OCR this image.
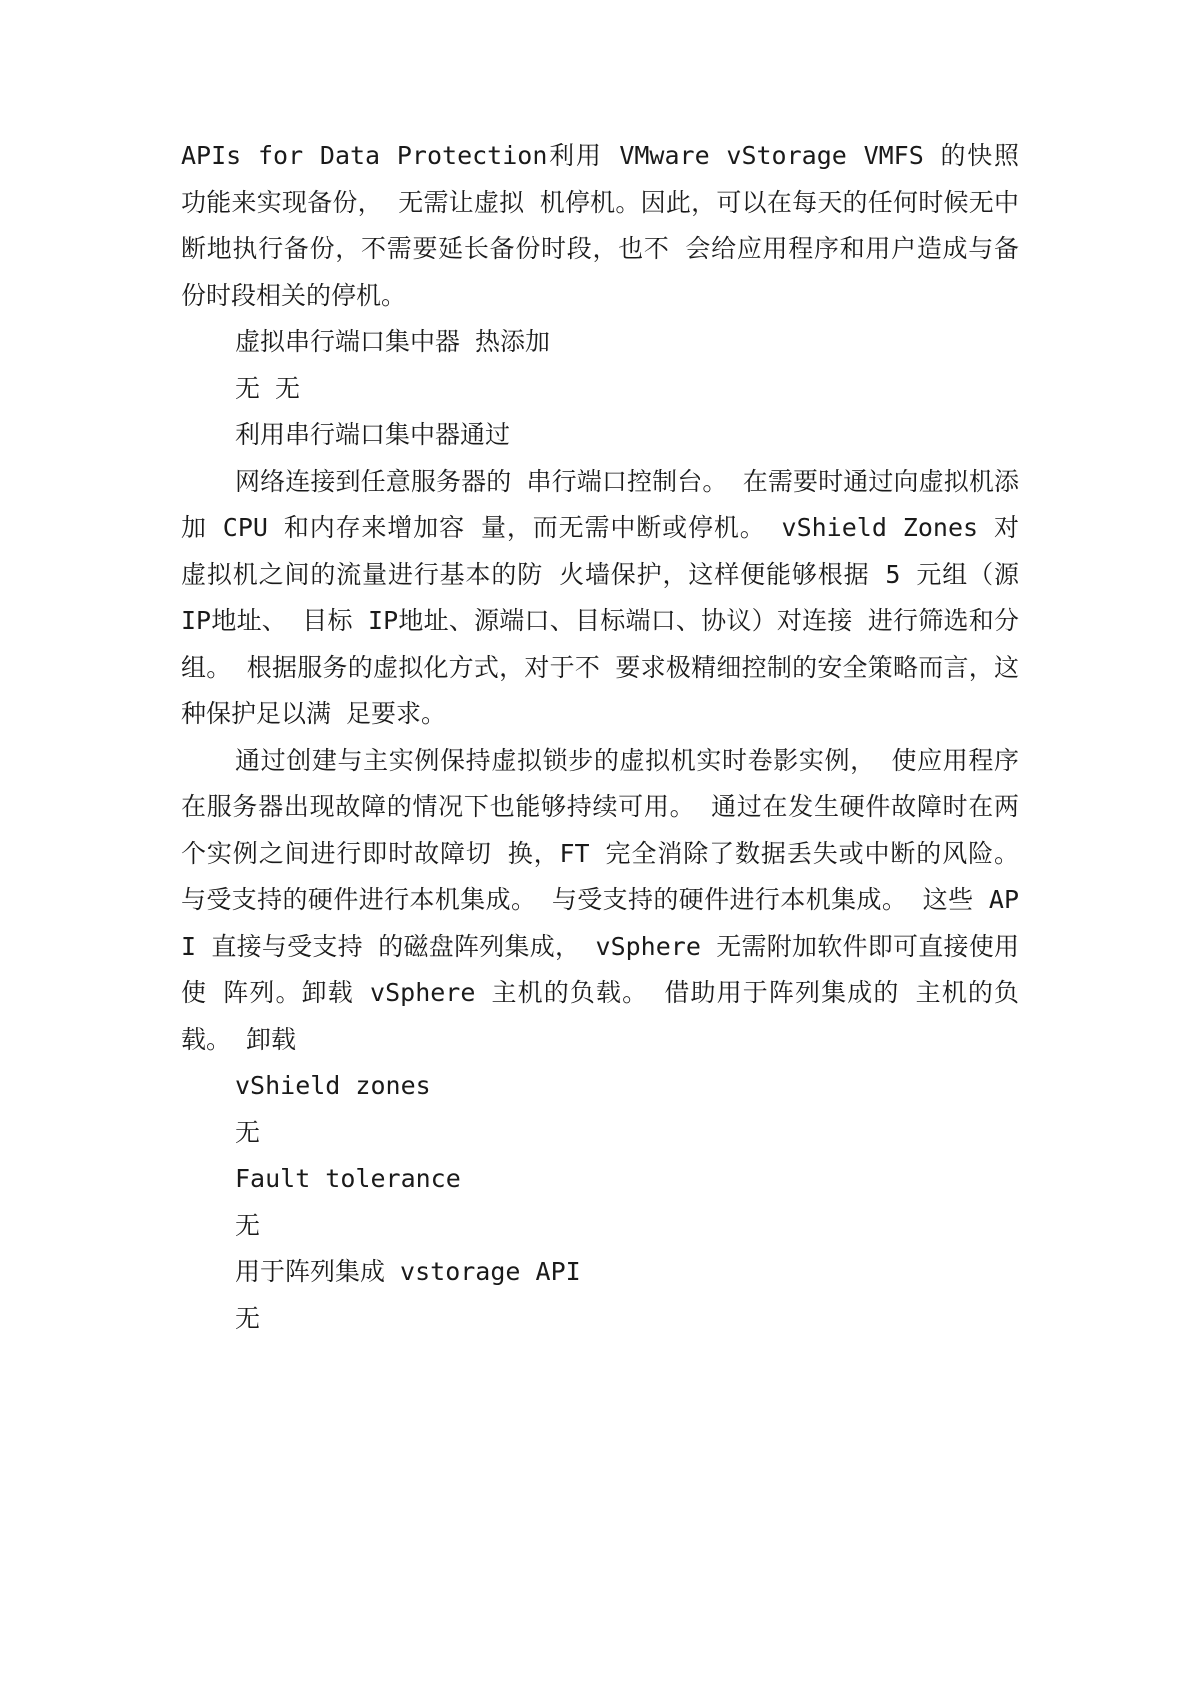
APIs for Data Protection利用 VMware vStorage VMFS 的快照功能来实现备份， 无需让虚拟 机停机。因此，可以在每天的任何时候无中断地执行备份，不需要延长备份时段，也不 会给应用程序和用户造成与备份时段相关的停机。

虚拟串行端口集中器 热添加

无 无

利用串行端口集中器通过

网络连接到任意服务器的 串行端口控制台。 在需要时通过向虚拟机添加 CPU 和内存来增加容 量，而无需中断或停机。 vShield Zones 对虚拟机之间的流量进行基本的防 火墙保护，这样便能够根据 5 元组（源 IP地址、 目标 IP地址、源端口、目标端口、协议）对连接 进行筛选和分组。 根据服务的虚拟化方式，对于不 要求极精细控制的安全策略而言，这种保护足以满 足要求。

通过创建与主实例保持虚拟锁步的虚拟机实时卷影实例， 使应用程序在服务器出现故障的情况下也能够持续可用。 通过在发生硬件故障时在两个实例之间进行即时故障切 换，FT 完全消除了数据丢失或中断的风险。 与受支持的硬件进行本机集成。 与受支持的硬件进行本机集成。 这些 API 直接与受支持 的磁盘阵列集成， vSphere 无需附加软件即可直接使用 使 阵列。卸载 vSphere 主机的负载。 借助用于阵列集成的 主机的负载。 卸载

vShield zones

无

Fault tolerance

无

用于阵列集成 vstorage API

无
